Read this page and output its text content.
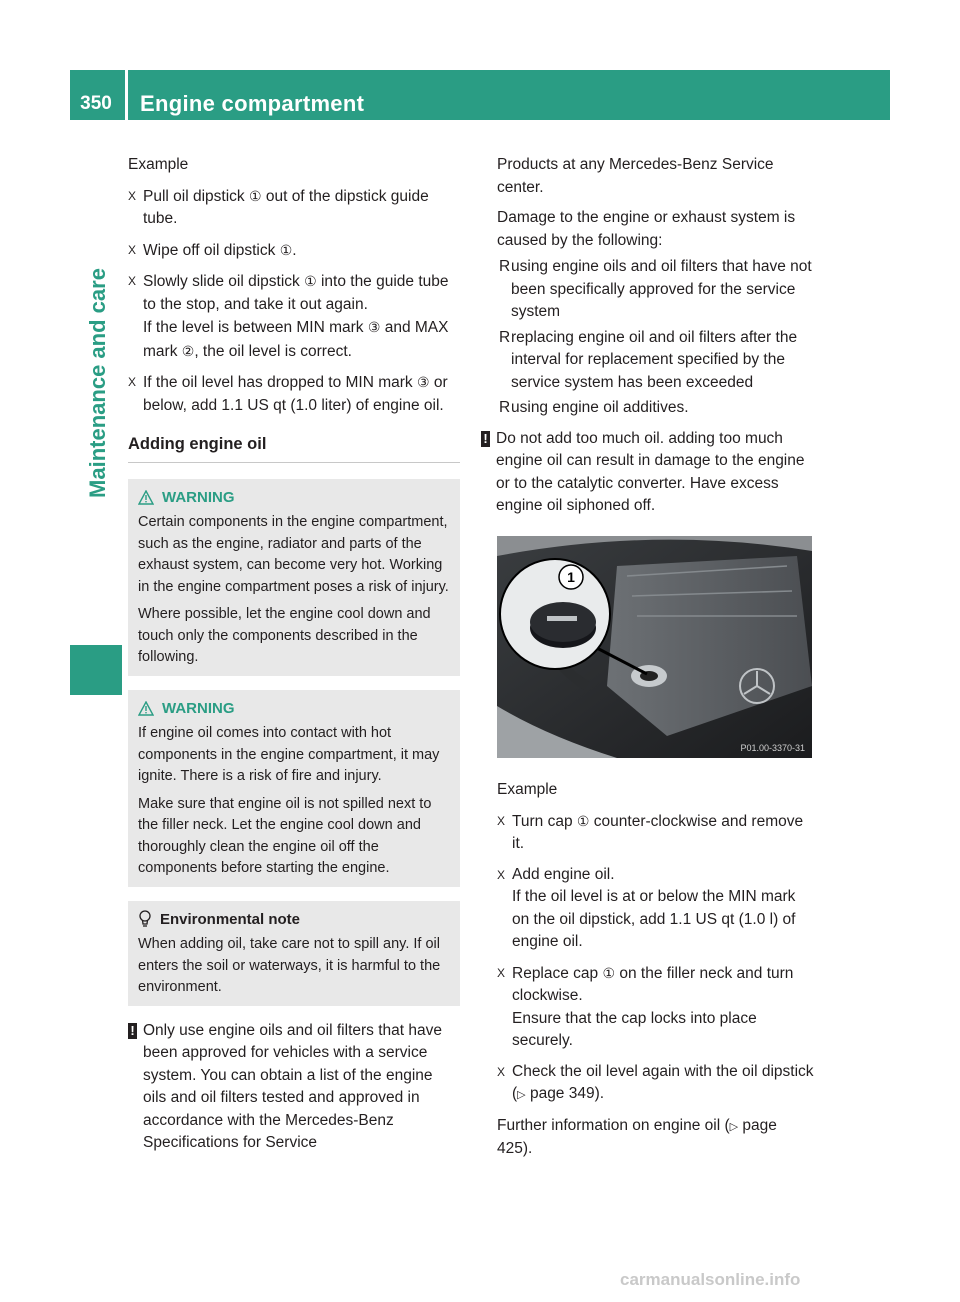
350	Engine compartment
Maintenance and care

Example

X Pull oil dipstick ① out of the dipstick guide tube.
X Wipe off oil dipstick ①.
X Slowly slide oil dipstick ① into the guide tube to the stop, and take it out again.
If the level is between MIN mark ③ and MAX mark ②, the oil level is correct.
X If the oil level has dropped to MIN mark ③ or below, add 1.1 US qt (1.0 liter) of engine oil.
Adding engine oil
WARNING

Certain components in the engine compartment, such as the engine, radiator and parts of the exhaust system, can become very hot. Working in the engine compartment poses a risk of injury.

Where possible, let the engine cool down and touch only the components described in the following.

WARNING

If engine oil comes into contact with hot components in the engine compartment, it may ignite. There is a risk of fire and injury.

Make sure that engine oil is not spilled next to the filler neck. Let the engine cool down and thoroughly clean the engine oil off the components before starting the engine.

Environmental note

When adding oil, take care not to spill any. If oil enters the soil or waterways, it is harmful to the environment.

! Only use engine oils and oil filters that have been approved for vehicles with a service system. You can obtain a list of the engine oils and oil filters tested and approved in accordance with the Mercedes-Benz Specifications for Service

Products at any Mercedes-Benz Service center.

Damage to the engine or exhaust system is caused by the following:

R using engine oils and oil filters that have not been specifically approved for the service system
R replacing engine oil and oil filters after the interval for replacement specified by the service system has been exceeded
R using engine oil additives.
! Do not add too much oil. adding too much engine oil can result in damage to the engine or to the catalytic converter. Have excess engine oil siphoned off.
1
P01.00-3370-31

Example

X Turn cap ① counter-clockwise and remove it.
X Add engine oil.
If the oil level is at or below the MIN mark on the oil dipstick, add 1.1 US qt (1.0 l) of engine oil.
X Replace cap ① on the filler neck and turn clockwise.
Ensure that the cap locks into place securely.
X Check the oil level again with the oil dipstick (▷ page 349).

Further information on engine oil (▷ page 425).

carmanualsonline.info
